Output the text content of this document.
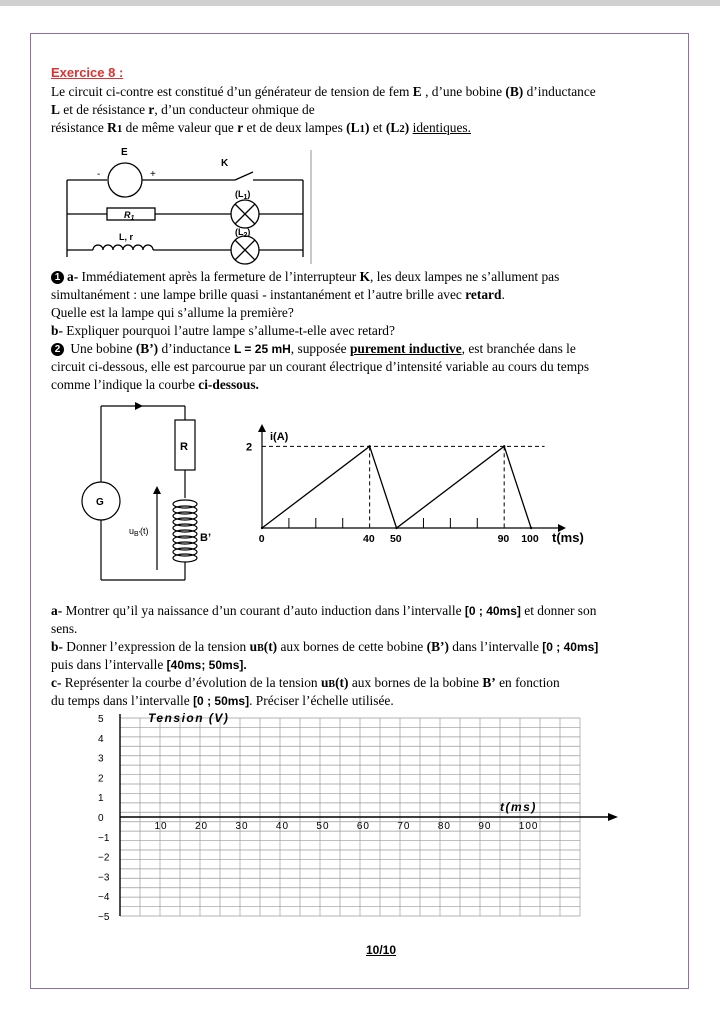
Exercice 8 :
Le circuit ci-contre est constitué d’un générateur de tension de fem E , d’une bobine (B) d’inductance
L et de résistance r, d’un conducteur ohmique de
résistance R1 de même valeur que r et de deux lampes (L1) et (L2) identiques.
E
-	+
K
$(L_1)$
$(L_2)$
$R_1$
L, r
1 a- Immédiatement après la fermeture de l’interrupteur K, les deux lampes ne s’allument pas
simultanément : une lampe brille quasi - instantanément et l’autre brille avec retard.
Quelle est la lampe qui s’allume la première?
b- Expliquer pourquoi l’autre lampe s’allume-t-elle avec retard?
2 Une bobine (B’) d’inductance L = 25 mH, supposée purement inductive, est branchée dans le
circuit ci-dessous, elle est parcourue par un courant électrique d’intensité variable au cours du temps
comme l’indique la courbe ci-dessous.
G
R
$u_{B'}(t)$
B’
i(A)
t(ms)
0	40 50	90 100
2
a- Montrer qu’il ya naissance d’un courant d’auto induction dans l’intervalle [0 ; 40ms] et donner son
sens.
b- Donner l’expression de la tension uB(t) aux bornes de cette bobine (B’) dans l’intervalle [0 ; 40ms]
puis dans l’intervalle [40ms; 50ms].
c- Représenter la courbe d’évolution de la tension uB(t) aux bornes de la bobine B’ en fonction
du temps dans l’intervalle [0 ; 50ms]. Préciser l’échelle utilisée.
Tension (V)
t(ms)
5
4
3
2
1
0
−1
−2
−3
−4
−5
10	20	30	40	50	60	70	80	90	100
10/10
